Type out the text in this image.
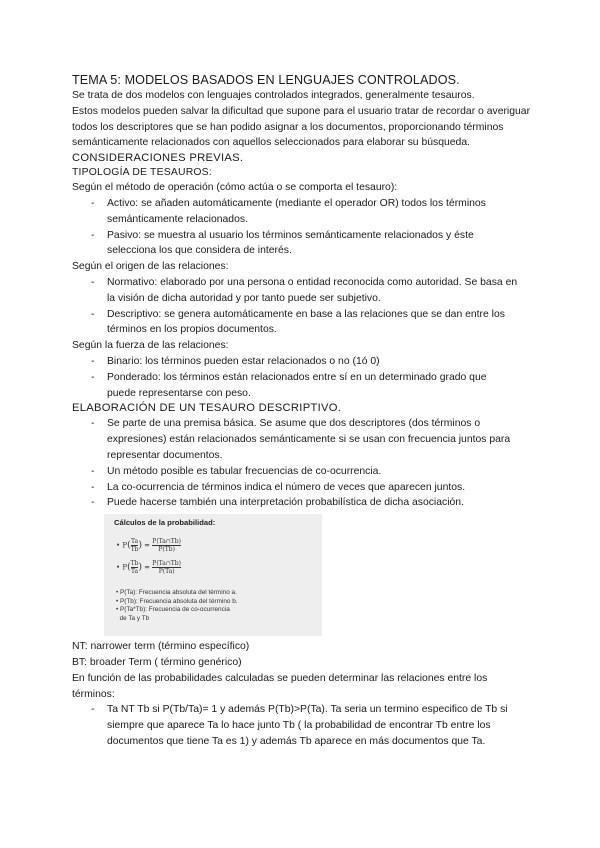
TEMA 5: MODELOS BASADOS EN LENGUAJES CONTROLADOS.

Se trata de dos modelos con lenguajes controlados integrados, generalmente tesauros.

Estos modelos pueden salvar la dificultad que supone para el usuario tratar de recordar o averiguar todos los descriptores que se han podido asignar a los documentos, proporcionando términos semánticamente relacionados con aquellos seleccionados para elaborar su búsqueda.

CONSIDERACIONES PREVIAS.
TIPOLOGÍA DE TESAUROS:

Según el método de operación (cómo actúa o se comporta el tesauro):

- Activo: se añaden automáticamente (mediante el operador OR) todos los términos semánticamente relacionados.
- Pasivo: se muestra al usuario los términos semánticamente relacionados y éste selecciona los que considera de interés.

Según el origen de las relaciones:

- Normativo: elaborado por una persona o entidad reconocida como autoridad. Se basa en la visión de dicha autoridad y por tanto puede ser subjetivo.
- Descriptivo: se genera automáticamente en base a las relaciones que se dan entre los términos en los propios documentos.

Según la fuerza de las relaciones:

- Binario: los términos pueden estar relacionados o no (1ó 0)
- Ponderado: los términos están relacionados entre sí en un determinado grado que puede representarse con peso.
ELABORACIÓN DE UN TESAURO DESCRIPTIVO.
- Se parte de una premisa básica. Se asume que dos descriptores (dos términos o expresiones) están relacionados semánticamente si se usan con frecuencia juntos para representar documentos.
- Un método posible es tabular frecuencias de co-ocurrencia.
- La co-ocurrencia de términos indica el número de veces que aparecen juntos.
- Puede hacerse también una interpretación probabilística de dicha asociación.
Cálculos de la probabilidad:
• $P( \frac{Ta}{Tb}$ ) = $\frac{P(Ta\cap Tb)}{P(Tb)}$
• $P( \frac{Tb}{Ta}$ ) = $\frac{P(Ta\cap Tb)}{P(Ta)}$
• P(Ta): Frecuencia absoluta del término a.
• P(Tb): Frecuencia absoluta del término b.
• P(Ta*Tb): Frecuencia de co-ocurrencia
de Ta y Tb

NT: narrower term (término específico)

BT: broader Term ( término genérico)

En función de las probabilidades calculadas se pueden determinar las relaciones entre los términos:

- Ta NT Tb si P(Tb/Ta)= 1 y además P(Tb)>P(Ta). Ta seria un termino especifico de Tb si siempre que aparece Ta lo hace junto Tb ( la probabilidad de encontrar Tb entre los documentos que tiene Ta es 1) y además Tb aparece en más documentos que Ta.
